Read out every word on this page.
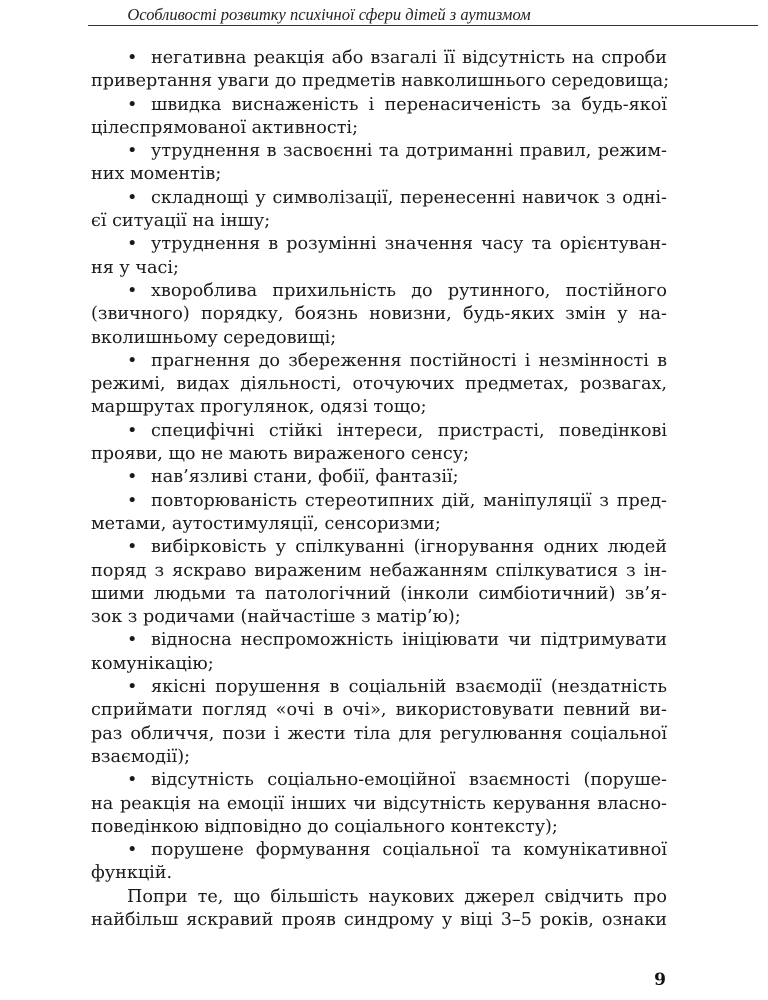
Особливості розвитку психічної сфери дітей з аутизмом
• негативна реакція або взагалі її відсутність на спроби
привертання уваги до предметів навколишнього середовища;
• швидка виснаженість і перенасиченість за будь-якої
цілеспрямованої активності;
• утруднення в засвоєнні та дотриманні правил, режим-
них моментів;
• складнощі у символізації, перенесенні навичок з одні-
єї ситуації на іншу;
• утруднення в розумінні значення часу та орієнтуван-
ня у часі;
• хвороблива прихильність до рутинного, постійного
(звичного) порядку, боязнь новизни, будь-яких змін у на-
вколишньому середовищі;
• прагнення до збереження постійності і незмінності в
режимі, видах діяльності, оточуючих предметах, розвагах,
маршрутах прогулянок, одязі тощо;
• специфічні стійкі інтереси, пристрасті, поведінкові
прояви, що не мають вираженого сенсу;
• нав’язливі стани, фобії, фантазії;
• повторюваність стереотипних дій, маніпуляції з пред-
метами, аутостимуляції, сенсоризми;
• вибірковість у спілкуванні (ігнорування одних людей
поряд з яскраво вираженим небажанням спілкуватися з ін-
шими людьми та патологічний (інколи симбіотичний) зв’я-
зок з родичами (найчастіше з матір’ю);
• відносна неспроможність ініціювати чи підтримувати
комунікацію;
• якісні порушення в соціальній взаємодії (нездатність
сприймати погляд «очі в очі», використовувати певний ви-
раз обличчя, пози і жести тіла для регулювання соціальної
взаємодії);
• відсутність соціально-емоційної взаємності (поруше-
на реакція на емоції інших чи відсутність керування власно-
поведінкою відповідно до соціального контексту);
• порушене формування соціальної та комунікативної
функцій.
Попри те, що більшість наукових джерел свідчить про
найбільш яскравий прояв синдрому у віці 3–5 років, ознаки
9
